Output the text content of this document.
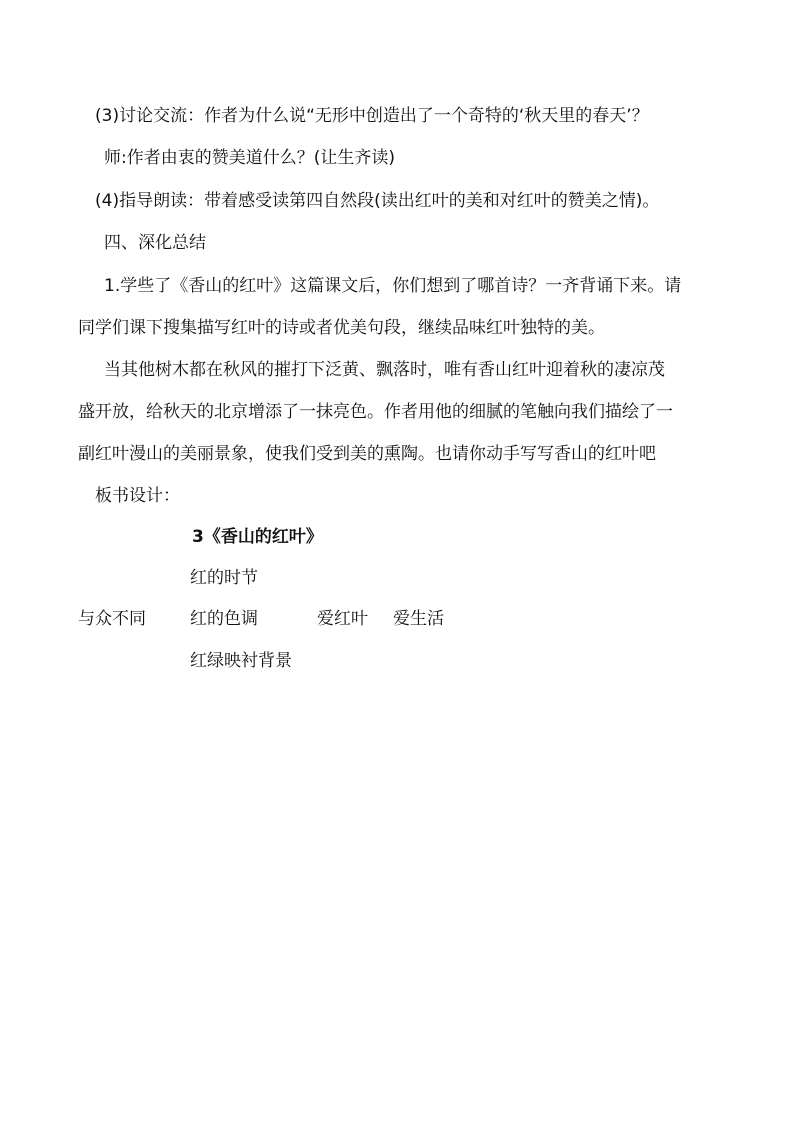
(3)讨论交流：作者为什么说“无形中创造出了一个奇特的‘秋天里的春天’？
师:作者由衷的赞美道什么？(让生齐读)
(4)指导朗读：带着感受读第四自然段(读出红叶的美和对红叶的赞美之情)。
四、深化总结
1.学些了《香山的红叶》这篇课文后，你们想到了哪首诗？一齐背诵下来。请
同学们课下搜集描写红叶的诗或者优美句段，继续品味红叶独特的美。
当其他树木都在秋风的摧打下泛黄、飘落时，唯有香山红叶迎着秋的凄凉茂
盛开放，给秋天的北京增添了一抹亮色。作者用他的细腻的笔触向我们描绘了一
副红叶漫山的美丽景象，使我们受到美的熏陶。也请你动手写写香山的红叶吧
板书设计：
3《香山的红叶》
红的时节
与众不同	红的色调	爱红叶 爱生活
红绿映衬背景
